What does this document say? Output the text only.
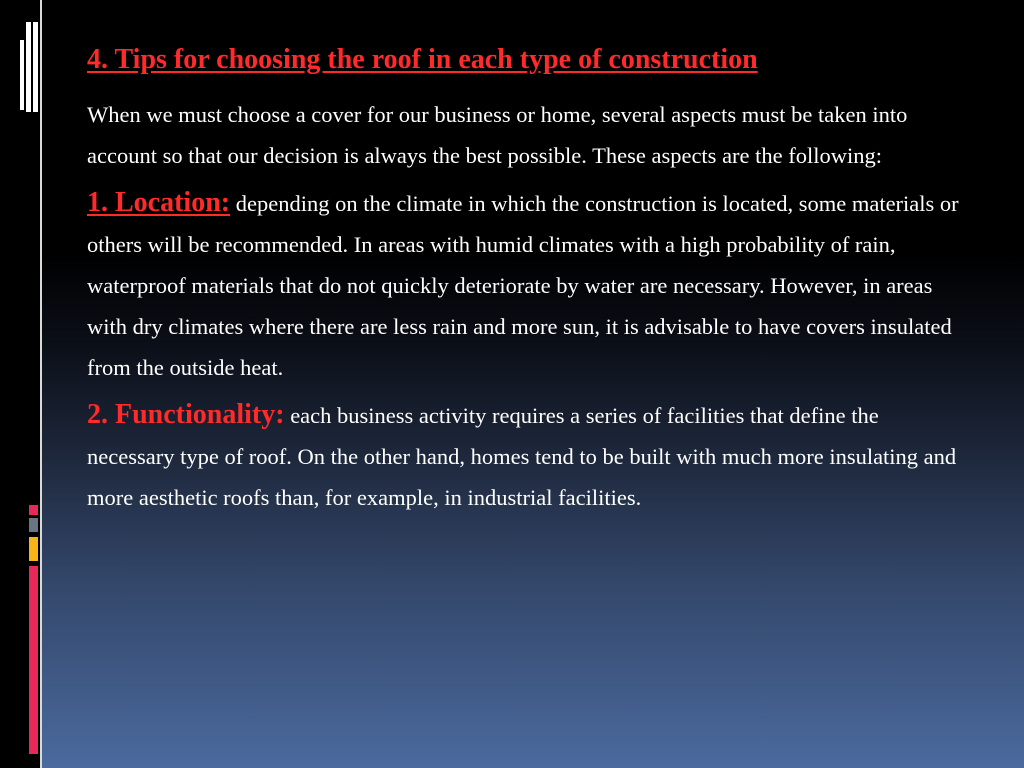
4. Tips for choosing the roof in each type of construction

When we must choose a cover for our business or home, several aspects must be taken into account so that our decision is always the best possible. These aspects are the following:

1. Location: depending on the climate in which the construction is located, some materials or others will be recommended. In areas with humid climates with a high probability of rain, waterproof materials that do not quickly deteriorate by water are necessary. However, in areas with dry climates where there are less rain and more sun, it is advisable to have covers insulated from the outside heat.

2. Functionality: each business activity requires a series of facilities that define the necessary type of roof. On the other hand, homes tend to be built with much more insulating and more aesthetic roofs than, for example, in industrial facilities.
